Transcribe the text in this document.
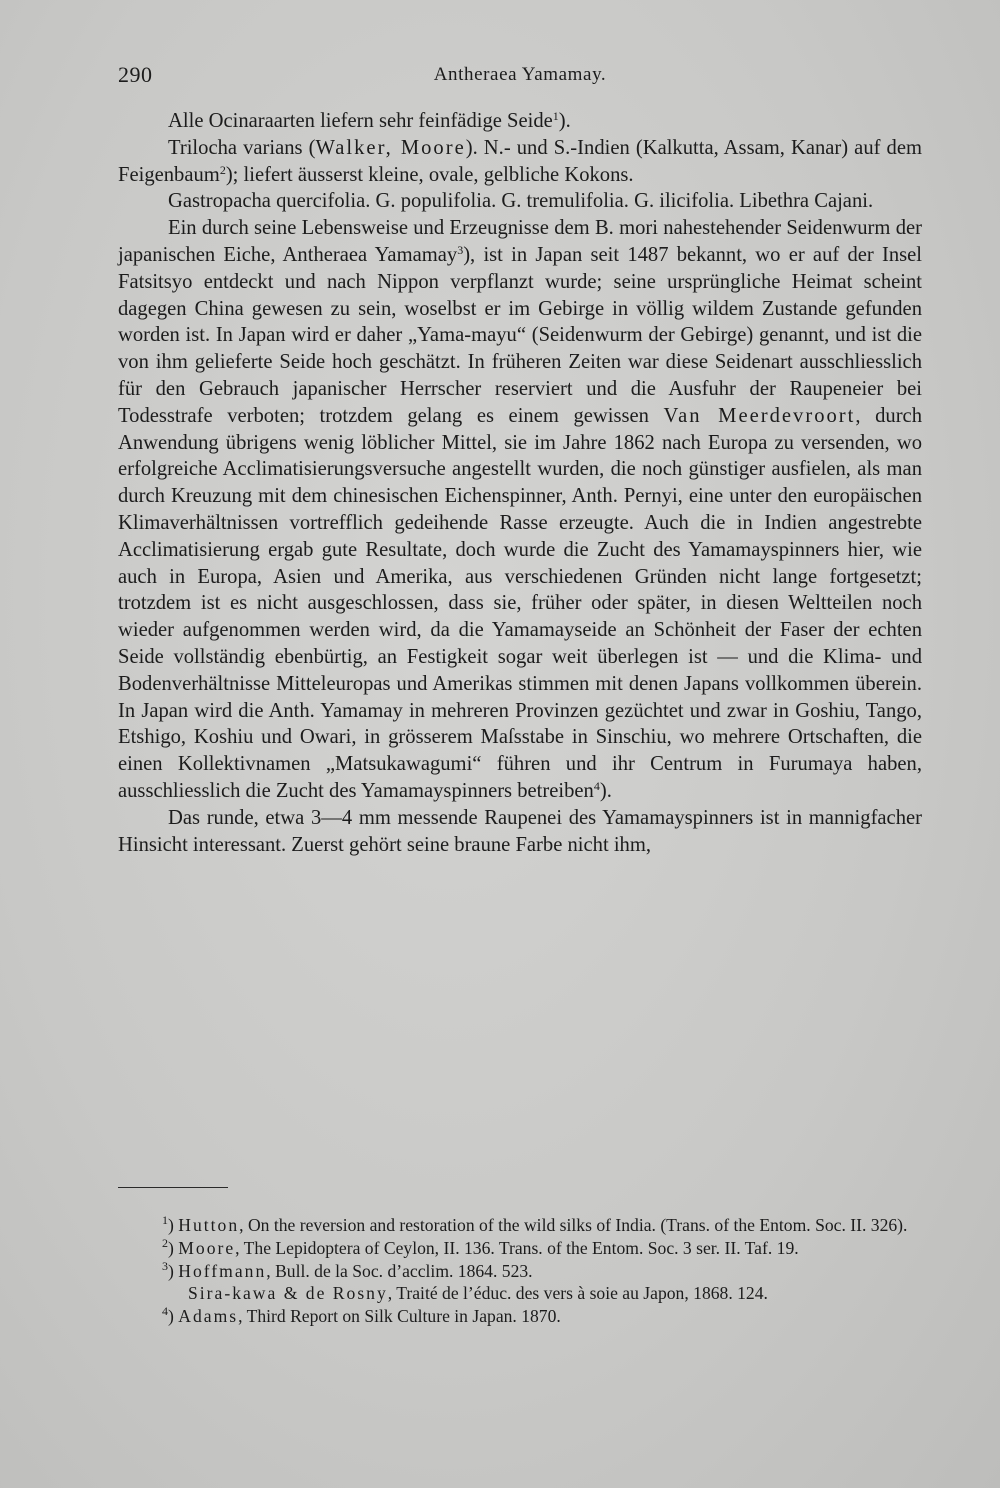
290	Antheraea Yamamay.

Alle Ocinaraarten liefern sehr feinfädige Seide$^1$).

Trilocha varians (Walker, Moore). N.- und S.-Indien (Kalkutta, Assam, Kanar) auf dem Feigenbaum$^2$); liefert äusserst kleine, ovale, gelbliche Kokons.

Gastropacha quercifolia. G. populifolia. G. tremulifolia. G. ilicifolia. Libethra Cajani.

Ein durch seine Lebensweise und Erzeugnisse dem B. mori nahestehender Seidenwurm der japanischen Eiche, Antheraea Yamamay$^3$), ist in Japan seit 1487 bekannt, wo er auf der Insel Fatsitsyo entdeckt und nach Nippon verpflanzt wurde; seine ursprüngliche Heimat scheint dagegen China gewesen zu sein, woselbst er im Gebirge in völlig wildem Zustande gefunden worden ist. In Japan wird er daher „Yama-mayu“ (Seidenwurm der Gebirge) genannt, und ist die von ihm gelieferte Seide hoch geschätzt. In früheren Zeiten war diese Seidenart ausschliesslich für den Gebrauch japanischer Herrscher reserviert und die Ausfuhr der Raupeneier bei Todesstrafe verboten; trotzdem gelang es einem gewissen Van Meerdevroort, durch Anwendung übrigens wenig löblicher Mittel, sie im Jahre 1862 nach Europa zu versenden, wo erfolgreiche Acclimatisierungsversuche angestellt wurden, die noch günstiger ausfielen, als man durch Kreuzung mit dem chinesischen Eichenspinner, Anth. Pernyi, eine unter den europäischen Klimaverhältnissen vortrefflich gedeihende Rasse erzeugte. Auch die in Indien angestrebte Acclimatisierung ergab gute Resultate, doch wurde die Zucht des Yamamayspinners hier, wie auch in Europa, Asien und Amerika, aus verschiedenen Gründen nicht lange fortgesetzt; trotzdem ist es nicht ausgeschlossen, dass sie, früher oder später, in diesen Weltteilen noch wieder aufgenommen werden wird, da die Yamamayseide an Schönheit der Faser der echten Seide vollständig ebenbürtig, an Festigkeit sogar weit überlegen ist — und die Klima- und Bodenverhältnisse Mitteleuropas und Amerikas stimmen mit denen Japans vollkommen überein. In Japan wird die Anth. Yamamay in mehreren Provinzen gezüchtet und zwar in Goshiu, Tango, Etshigo, Koshiu und Owari, in grösserem Maſsstabe in Sinschiu, wo mehrere Ortschaften, die einen Kollektivnamen „Matsukawagumi“ führen und ihr Centrum in Furumaya haben, ausschliesslich die Zucht des Yamamayspinners betreiben$^4$).

Das runde, etwa 3—4 mm messende Raupenei des Yamamayspinners ist in mannigfacher Hinsicht interessant. Zuerst gehört seine braune Farbe nicht ihm,

$^1$) Hutton, On the reversion and restoration of the wild silks of India. (Trans. of the Entom. Soc. II. 326).

$^2$) Moore, The Lepidoptera of Ceylon, II. 136. Trans. of the Entom. Soc. 3 ser. II. Taf. 19.

$^3$) Hoffmann, Bull. de la Soc. d’acclim. 1864. 523.

Sira-kawa & de Rosny, Traité de l’éduc. des vers à soie au Japon, 1868. 124.

$^4$) Adams, Third Report on Silk Culture in Japan. 1870.
